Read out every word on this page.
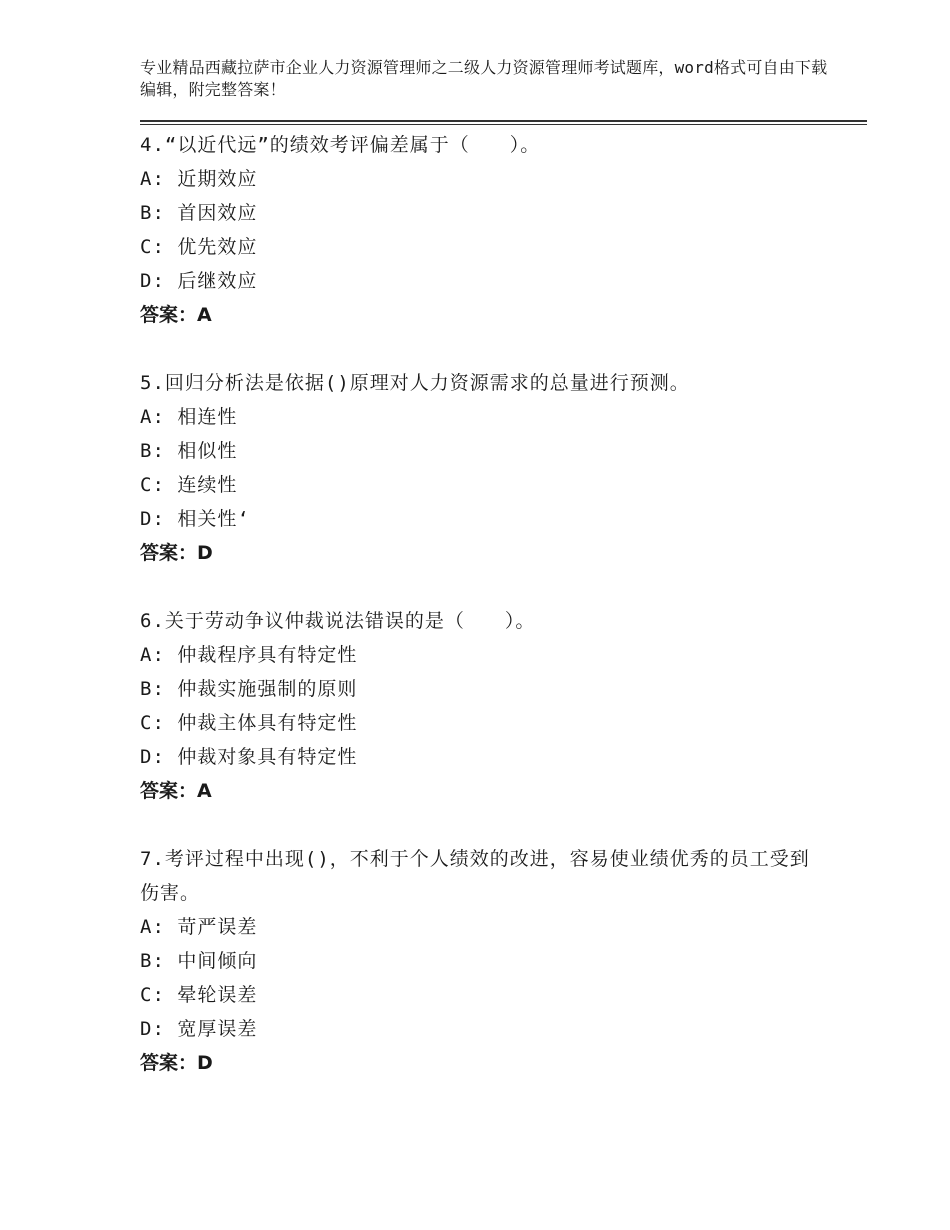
专业精品西藏拉萨市企业人力资源管理师之二级人力资源管理师考试题库，word格式可自由下载编辑，附完整答案！
4.“以近代远”的绩效考评偏差属于（　　）。
A: 近期效应
B: 首因效应
C: 优先效应
D: 后继效应
答案：A
5.回归分析法是依据()原理对人力资源需求的总量进行预测。
A: 相连性
B: 相似性
C: 连续性
D: 相关性‘
答案：D
6.关于劳动争议仲裁说法错误的是（　　）。
A: 仲裁程序具有特定性
B: 仲裁实施强制的原则
C: 仲裁主体具有特定性
D: 仲裁对象具有特定性
答案：A
7.考评过程中出现()，不利于个人绩效的改进，容易使业绩优秀的员工受到伤害。
A: 苛严误差
B: 中间倾向
C: 晕轮误差
D: 宽厚误差
答案：D
